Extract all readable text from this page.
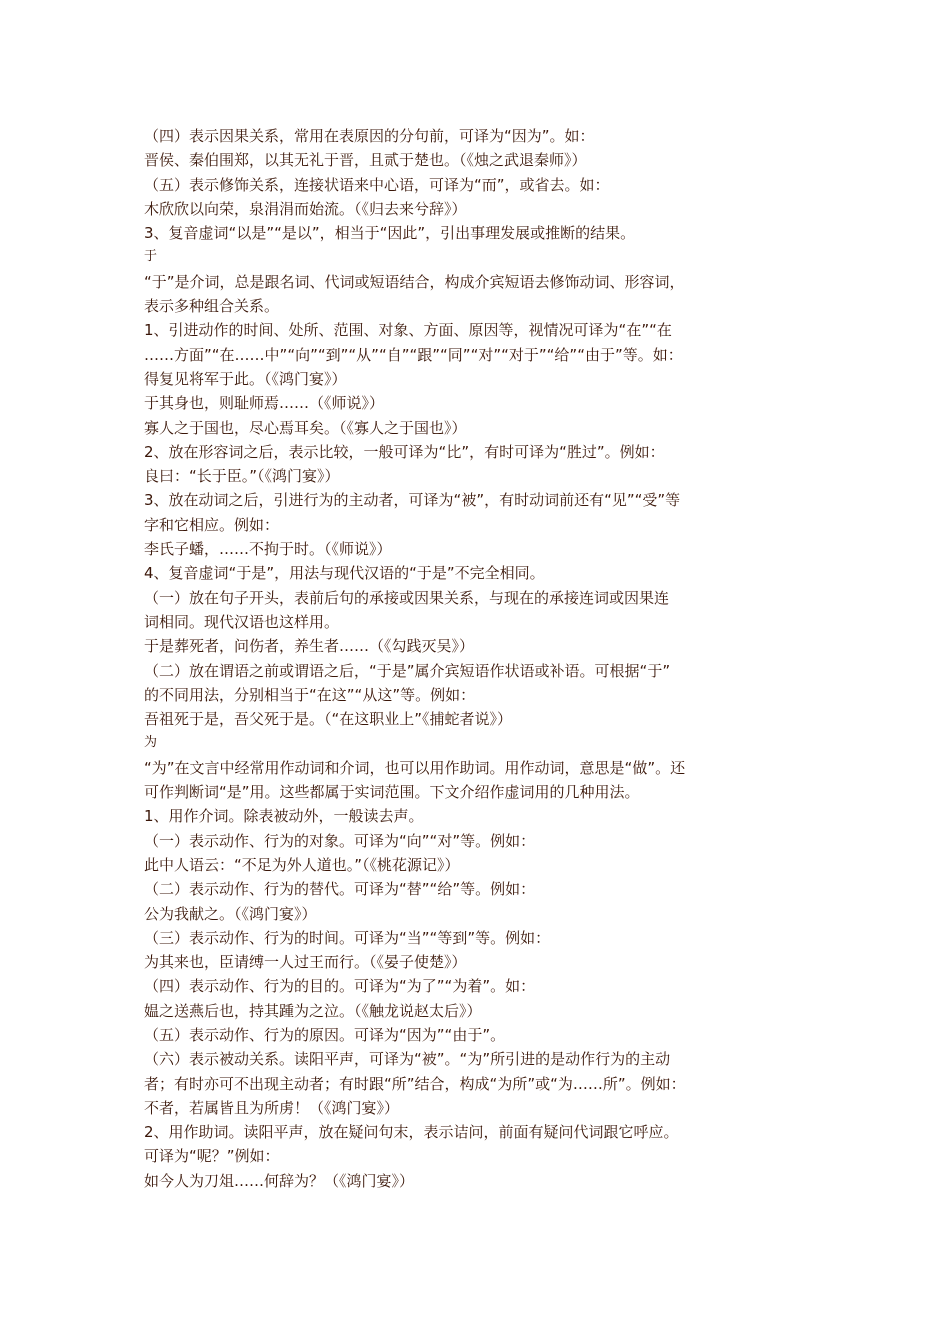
（四）表示因果关系，常用在表原因的分句前，可译为“因为”。如：
晋侯、秦伯围郑，以其无礼于晋，且贰于楚也。（《烛之武退秦师》）
（五）表示修饰关系，连接状语来中心语，可译为“而”，或省去。如：
木欣欣以向荣，泉涓涓而始流。（《归去来兮辞》）
3、复音虚词“以是”“是以”，相当于“因此”，引出事理发展或推断的结果。
于
“于”是介词，总是跟名词、代词或短语结合，构成介宾短语去修饰动词、形容词，
表示多种组合关系。
1、引进动作的时间、处所、范围、对象、方面、原因等，视情况可译为“在”“在
……方面”“在……中”“向”“到”“从”“自”“跟”“同”“对”“对于”“给”“由于”等。如：
得复见将军于此。（《鸿门宴》）
于其身也，则耻师焉……（《师说》）
寡人之于国也，尽心焉耳矣。（《寡人之于国也》）
2、放在形容词之后，表示比较，一般可译为“比”，有时可译为“胜过”。例如：
良曰：“长于臣。”（《鸿门宴》）
3、放在动词之后，引进行为的主动者，可译为“被”，有时动词前还有“见”“受”等
字和它相应。例如：
李氏子蟠，……不拘于时。（《师说》）
4、复音虚词“于是”，用法与现代汉语的“于是”不完全相同。
（一）放在句子开头，表前后句的承接或因果关系，与现在的承接连词或因果连
词相同。现代汉语也这样用。
于是葬死者，问伤者，养生者……（《勾践灭吴》）
（二）放在谓语之前或谓语之后，“于是”属介宾短语作状语或补语。可根据“于”
的不同用法，分别相当于“在这”“从这”等。例如：
吾祖死于是，吾父死于是。（“在这职业上”《捕蛇者说》）
为
“为”在文言中经常用作动词和介词，也可以用作助词。用作动词，意思是“做”。还
可作判断词“是”用。这些都属于实词范围。下文介绍作虚词用的几种用法。
1、用作介词。除表被动外，一般读去声。
（一）表示动作、行为的对象。可译为“向”“对”等。例如：
此中人语云：“不足为外人道也。”（《桃花源记》）
（二）表示动作、行为的替代。可译为“替”“给”等。例如：
公为我献之。（《鸿门宴》）
（三）表示动作、行为的时间。可译为“当”“等到”等。例如：
为其来也，臣请缚一人过王而行。（《晏子使楚》）
（四）表示动作、行为的目的。可译为“为了”“为着”。如：
媪之送燕后也，持其踵为之泣。（《触龙说赵太后》）
（五）表示动作、行为的原因。可译为“因为”“由于”。
（六）表示被动关系。读阳平声，可译为“被”。“为”所引进的是动作行为的主动
者；有时亦可不出现主动者；有时跟“所”结合，构成“为所”或“为……所”。例如：
不者，若属皆且为所虏！（《鸿门宴》）
2、用作助词。读阳平声，放在疑问句末，表示诘问，前面有疑问代词跟它呼应。
可译为“呢？”例如：
如今人为刀俎……何辞为？（《鸿门宴》）
